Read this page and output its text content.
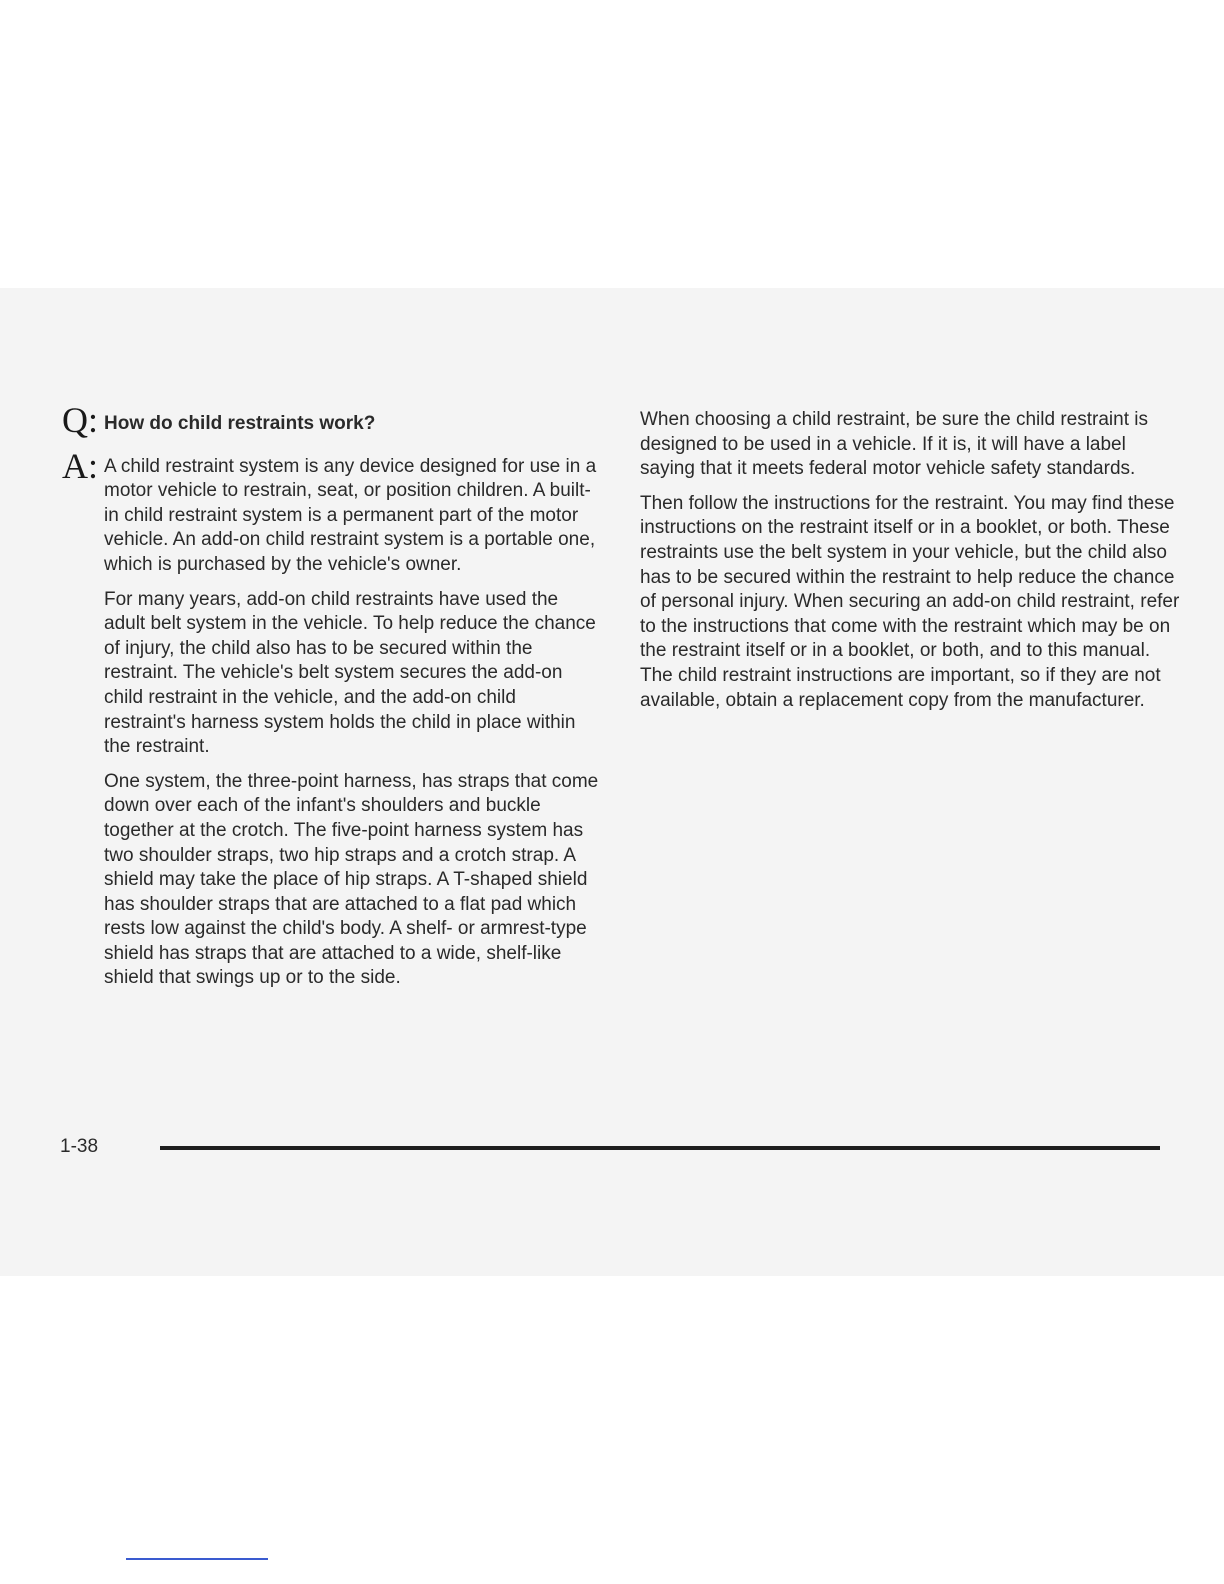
Q: How do child restraints work?
A: A child restraint system is any device designed for use in a motor vehicle to restrain, seat, or position children. A built-in child restraint system is a permanent part of the motor vehicle. An add-on child restraint system is a portable one, which is purchased by the vehicle's owner.

For many years, add-on child restraints have used the adult belt system in the vehicle. To help reduce the chance of injury, the child also has to be secured within the restraint. The vehicle's belt system secures the add-on child restraint in the vehicle, and the add-on child restraint's harness system holds the child in place within the restraint.

One system, the three-point harness, has straps that come down over each of the infant's shoulders and buckle together at the crotch. The five-point harness system has two shoulder straps, two hip straps and a crotch strap. A shield may take the place of hip straps. A T-shaped shield has shoulder straps that are attached to a flat pad which rests low against the child's body. A shelf- or armrest-type shield has straps that are attached to a wide, shelf-like shield that swings up or to the side.

When choosing a child restraint, be sure the child restraint is designed to be used in a vehicle. If it is, it will have a label saying that it meets federal motor vehicle safety standards.

Then follow the instructions for the restraint. You may find these instructions on the restraint itself or in a booklet, or both. These restraints use the belt system in your vehicle, but the child also has to be secured within the restraint to help reduce the chance of personal injury. When securing an add-on child restraint, refer to the instructions that come with the restraint which may be on the restraint itself or in a booklet, or both, and to this manual. The child restraint instructions are important, so if they are not available, obtain a replacement copy from the manufacturer.

1-38
